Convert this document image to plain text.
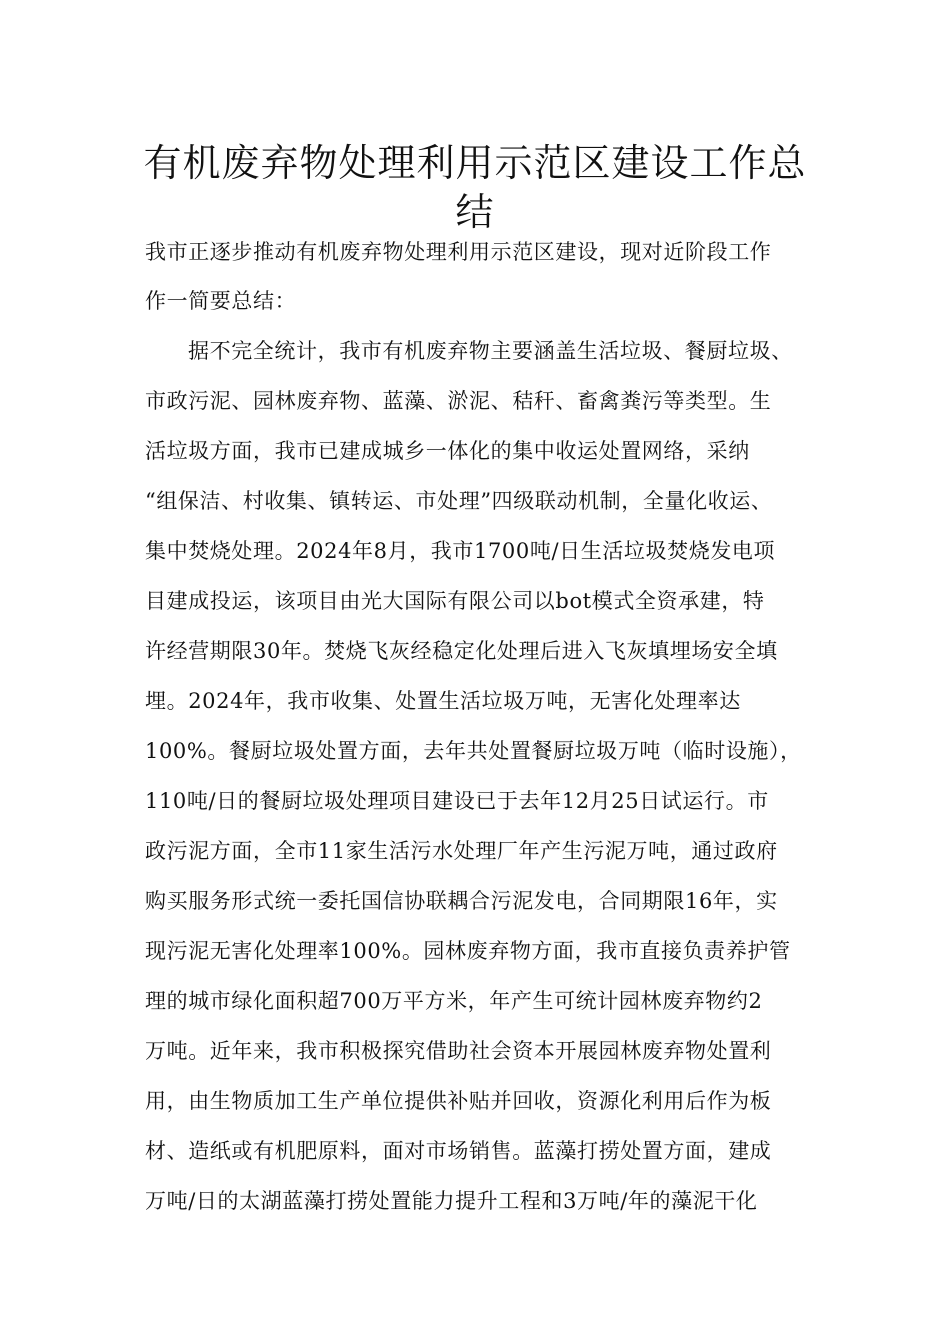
有机废弃物处理利用示范区建设工作总
结
我市正逐步推动有机废弃物处理利用示范区建设，现对近阶段工作
作一简要总结：
据不完全统计，我市有机废弃物主要涵盖生活垃圾、餐厨垃圾、
市政污泥、园林废弃物、蓝藻、淤泥、秸秆、畜禽粪污等类型。生
活垃圾方面，我市已建成城乡一体化的集中收运处置网络，采纳
“组保洁、村收集、镇转运、市处理”四级联动机制，全量化收运、
集中焚烧处理。2024年8月，我市1700吨/日生活垃圾焚烧发电项
目建成投运，该项目由光大国际有限公司以bot模式全资承建，特
许经营期限30年。焚烧飞灰经稳定化处理后进入飞灰填埋场安全填
埋。2024年，我市收集、处置生活垃圾万吨，无害化处理率达
100%。餐厨垃圾处置方面，去年共处置餐厨垃圾万吨（临时设施），
110吨/日的餐厨垃圾处理项目建设已于去年12月25日试运行。市
政污泥方面，全市11家生活污水处理厂年产生污泥万吨，通过政府
购买服务形式统一委托国信协联耦合污泥发电，合同期限16年，实
现污泥无害化处理率100%。园林废弃物方面，我市直接负责养护管
理的城市绿化面积超700万平方米，年产生可统计园林废弃物约2
万吨。近年来，我市积极探究借助社会资本开展园林废弃物处置利
用，由生物质加工生产单位提供补贴并回收，资源化利用后作为板
材、造纸或有机肥原料，面对市场销售。蓝藻打捞处置方面，建成
万吨/日的太湖蓝藻打捞处置能力提升工程和3万吨/年的藻泥干化
